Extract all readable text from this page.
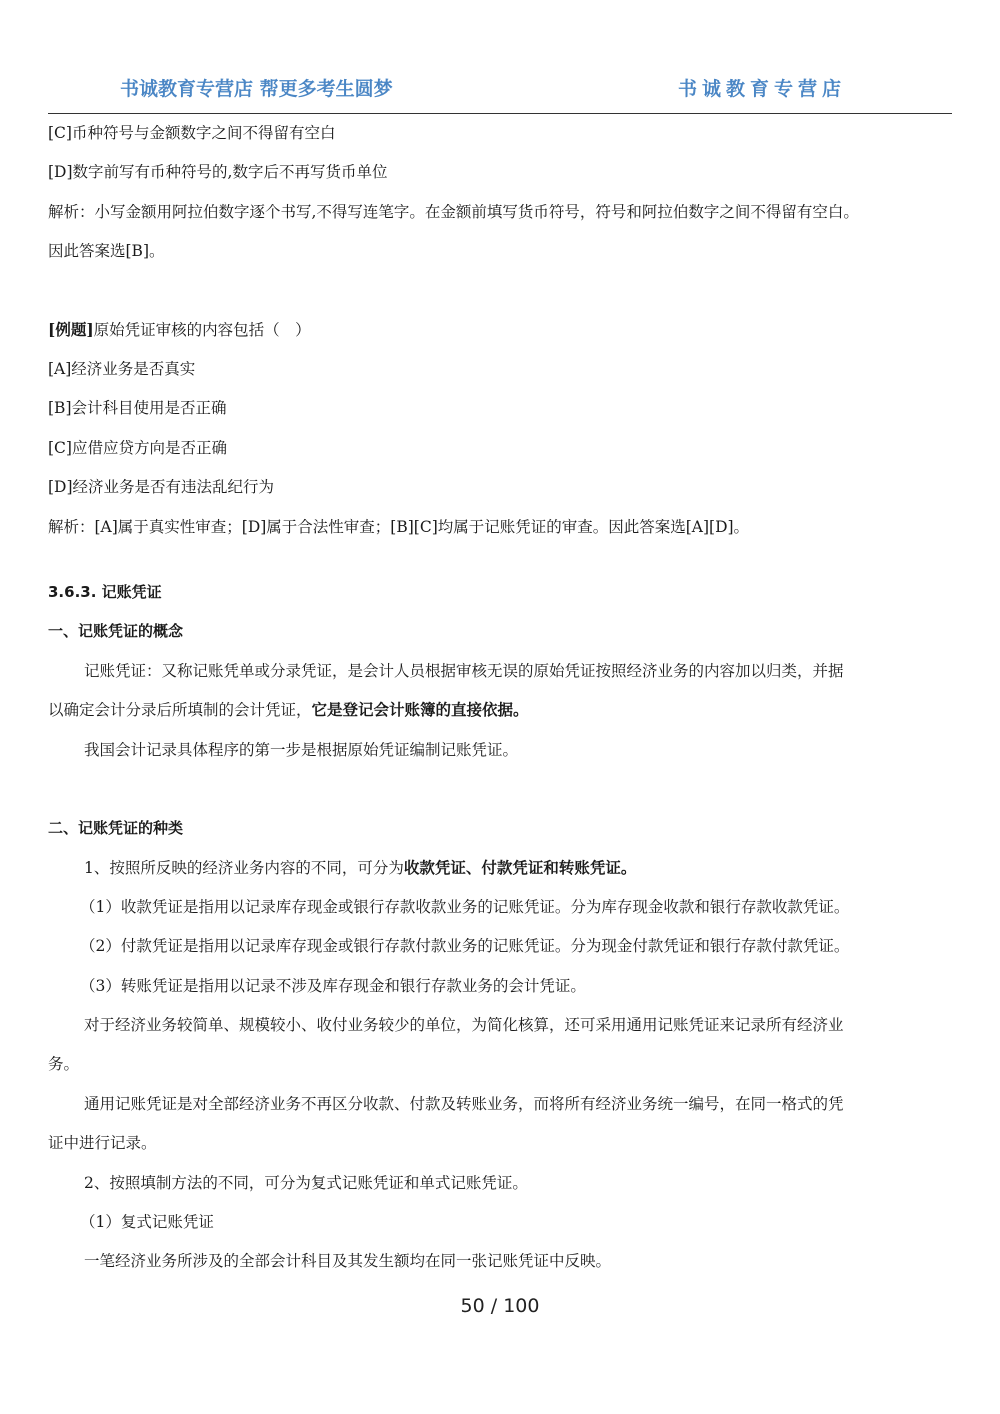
书诚教育专营店 帮更多考生圆梦	书诚教育专营店
[C]币种符号与金额数字之间不得留有空白
[D]数字前写有币种符号的,数字后不再写货币单位
解析：小写金额用阿拉伯数字逐个书写,不得写连笔字。在金额前填写货币符号，符号和阿拉伯数字之间不得留有空白。
因此答案选[B]。
[例题]原始凭证审核的内容包括（　）
[A]经济业务是否真实
[B]会计科目使用是否正确
[C]应借应贷方向是否正确
[D]经济业务是否有违法乱纪行为
解析：[A]属于真实性审查；[D]属于合法性审查；[B][C]均属于记账凭证的审查。因此答案选[A][D]。
3.6.3. 记账凭证
一、记账凭证的概念
记账凭证：又称记账凭单或分录凭证，是会计人员根据审核无误的原始凭证按照经济业务的内容加以归类，并据
以确定会计分录后所填制的会计凭证，它是登记会计账簿的直接依据。
我国会计记录具体程序的第一步是根据原始凭证编制记账凭证。
二、记账凭证的种类
1、按照所反映的经济业务内容的不同，可分为收款凭证、付款凭证和转账凭证。
（1）收款凭证是指用以记录库存现金或银行存款收款业务的记账凭证。分为库存现金收款和银行存款收款凭证。
（2）付款凭证是指用以记录库存现金或银行存款付款业务的记账凭证。分为现金付款凭证和银行存款付款凭证。
（3）转账凭证是指用以记录不涉及库存现金和银行存款业务的会计凭证。
对于经济业务较简单、规模较小、收付业务较少的单位，为简化核算，还可采用通用记账凭证来记录所有经济业
务。
通用记账凭证是对全部经济业务不再区分收款、付款及转账业务，而将所有经济业务统一编号，在同一格式的凭
证中进行记录。
2、按照填制方法的不同，可分为复式记账凭证和单式记账凭证。
（1）复式记账凭证
一笔经济业务所涉及的全部会计科目及其发生额均在同一张记账凭证中反映。
50 / 100
